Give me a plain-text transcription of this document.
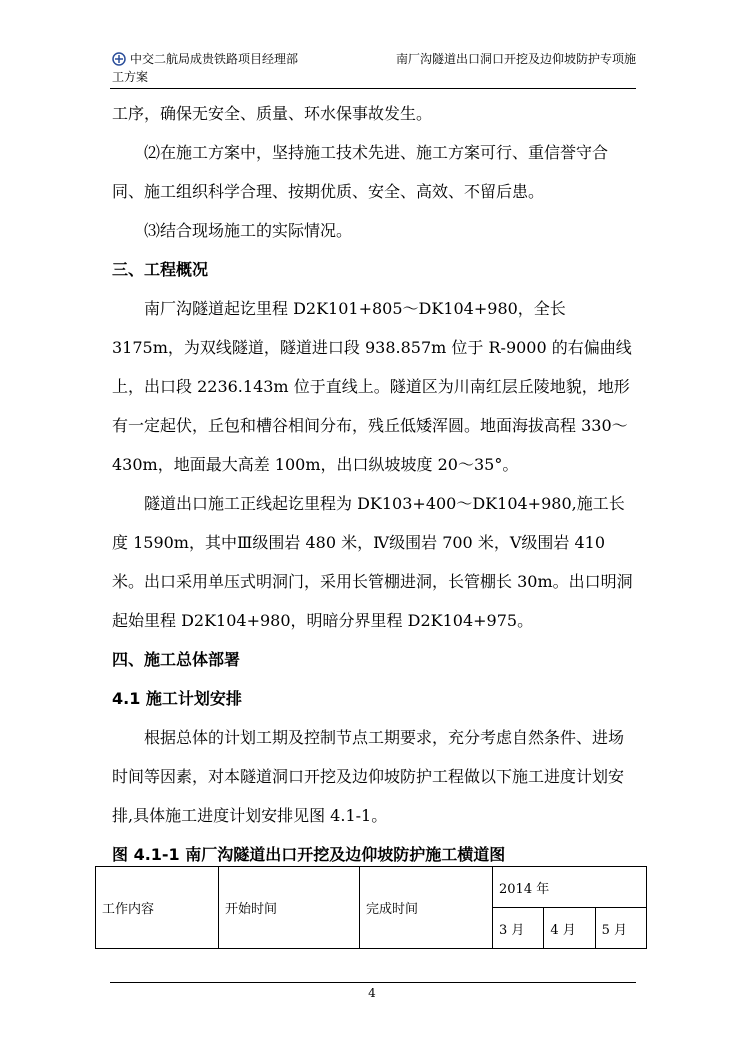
中交二航局成贵铁路项目经理部	南厂沟隧道出口洞口开挖及边仰坡防护专项施
工方案

工序，确保无安全、质量、环水保事故发生。

⑵在施工方案中，坚持施工技术先进、施工方案可行、重信誉守合同、施工组织科学合理、按期优质、安全、高效、不留后患。

⑶结合现场施工的实际情况。

三、工程概况

南厂沟隧道起讫里程 D2K101+805～DK104+980，全长 3175m，为双线隧道，隧道进口段 938.857m 位于 R-9000 的右偏曲线上，出口段 2236.143m 位于直线上。隧道区为川南红层丘陵地貌，地形有一定起伏，丘包和槽谷相间分布，残丘低矮浑圆。地面海拔高程 330～430m，地面最大高差 100m，出口纵坡坡度 20～35°。

隧道出口施工正线起讫里程为 DK103+400～DK104+980,施工长度 1590m，其中Ⅲ级围岩 480 米，Ⅳ级围岩 700 米，Ⅴ级围岩 410 米。出口采用单压式明洞门，采用长管棚进洞，长管棚长 30m。出口明洞起始里程 D2K104+980，明暗分界里程 D2K104+975。

四、施工总体部署

4.1 施工计划安排

根据总体的计划工期及控制节点工期要求，充分考虑自然条件、进场时间等因素，对本隧道洞口开挖及边仰坡防护工程做以下施工进度计划安排,具体施工进度计划安排见图 4.1-1。

图 4.1-1 南厂沟隧道出口开挖及边仰坡防护施工横道图

工作内容	开始时间	完成时间	2014 年		
			3 月	4 月	5 月
4
